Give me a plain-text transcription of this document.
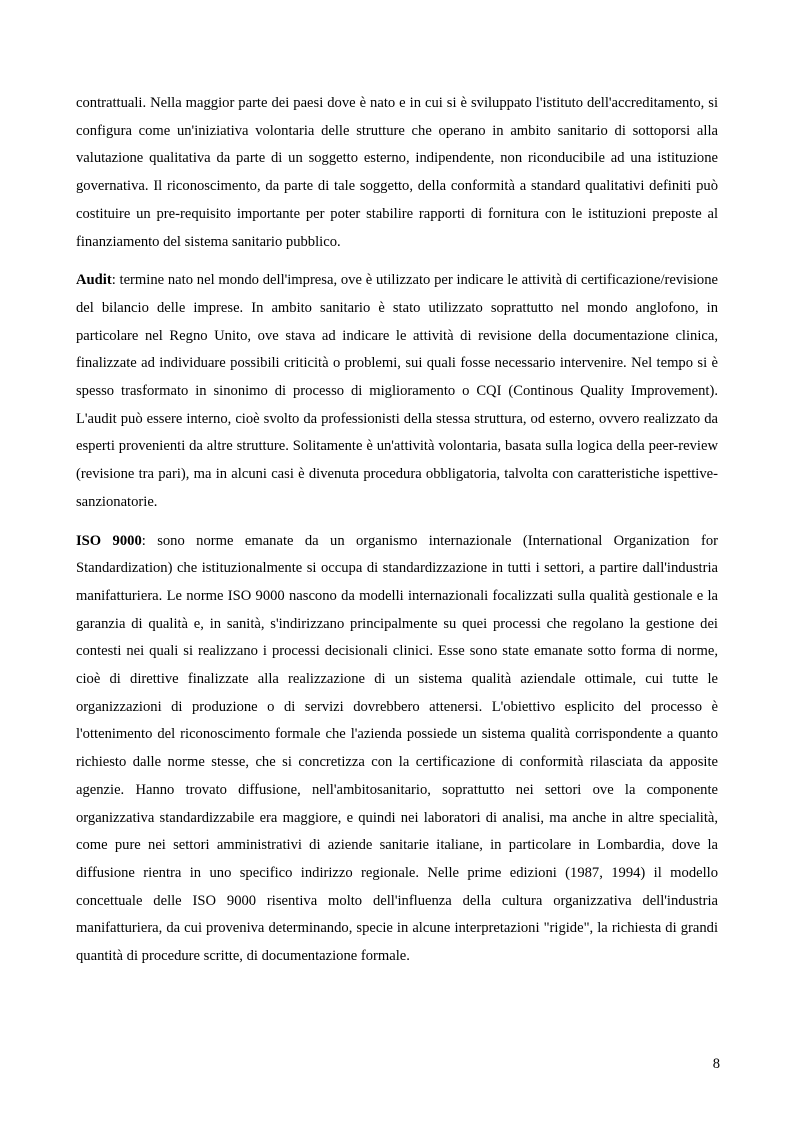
contrattuali. Nella maggior parte dei paesi dove è nato e in cui si è sviluppato l'istituto dell'accreditamento, si configura come un'iniziativa volontaria delle strutture che operano in ambito sanitario di sottoporsi alla valutazione qualitativa da parte di un soggetto esterno, indipendente, non riconducibile ad una istituzione governativa. Il riconoscimento, da parte di tale soggetto, della conformità a standard qualitativi definiti può costituire un pre-requisito importante per poter stabilire rapporti di fornitura con le istituzioni preposte al finanziamento del sistema sanitario pubblico.

Audit: termine nato nel mondo dell'impresa, ove è utilizzato per indicare le attività di certificazione/revisione del bilancio delle imprese. In ambito sanitario è stato utilizzato soprattutto nel mondo anglofono, in particolare nel Regno Unito, ove stava ad indicare le attività di revisione della documentazione clinica, finalizzate ad individuare possibili criticità o problemi, sui quali fosse necessario intervenire. Nel tempo si è spesso trasformato in sinonimo di processo di miglioramento o CQI (Continous Quality Improvement). L'audit può essere interno, cioè svolto da professionisti della stessa struttura, od esterno, ovvero realizzato da esperti provenienti da altre strutture. Solitamente è un'attività volontaria, basata sulla logica della peer-review (revisione tra pari), ma in alcuni casi è divenuta procedura obbligatoria, talvolta con caratteristiche ispettive-sanzionatorie.

ISO 9000: sono norme emanate da un organismo internazionale (International Organization for Standardization) che istituzionalmente si occupa di standardizzazione in tutti i settori, a partire dall'industria manifatturiera. Le norme ISO 9000 nascono da modelli internazionali focalizzati sulla qualità gestionale e la garanzia di qualità e, in sanità, s'indirizzano principalmente su quei processi che regolano la gestione dei contesti nei quali si realizzano i processi decisionali clinici. Esse sono state emanate sotto forma di norme, cioè di direttive finalizzate alla realizzazione di un sistema qualità aziendale ottimale, cui tutte le organizzazioni di produzione o di servizi dovrebbero attenersi. L'obiettivo esplicito del processo è l'ottenimento del riconoscimento formale che l'azienda possiede un sistema qualità corrispondente a quanto richiesto dalle norme stesse, che si concretizza con la certificazione di conformità rilasciata da apposite agenzie. Hanno trovato diffusione, nell'ambitosanitario, soprattutto nei settori ove la componente organizzativa standardizzabile era maggiore, e quindi nei laboratori di analisi, ma anche in altre specialità, come pure nei settori amministrativi di aziende sanitarie italiane, in particolare in Lombardia, dove la diffusione rientra in uno specifico indirizzo regionale. Nelle prime edizioni (1987, 1994) il modello concettuale delle ISO 9000 risentiva molto dell'influenza della cultura organizzativa dell'industria manifatturiera, da cui proveniva determinando, specie in alcune interpretazioni "rigide", la richiesta di grandi quantità di procedure scritte, di documentazione formale.

8
